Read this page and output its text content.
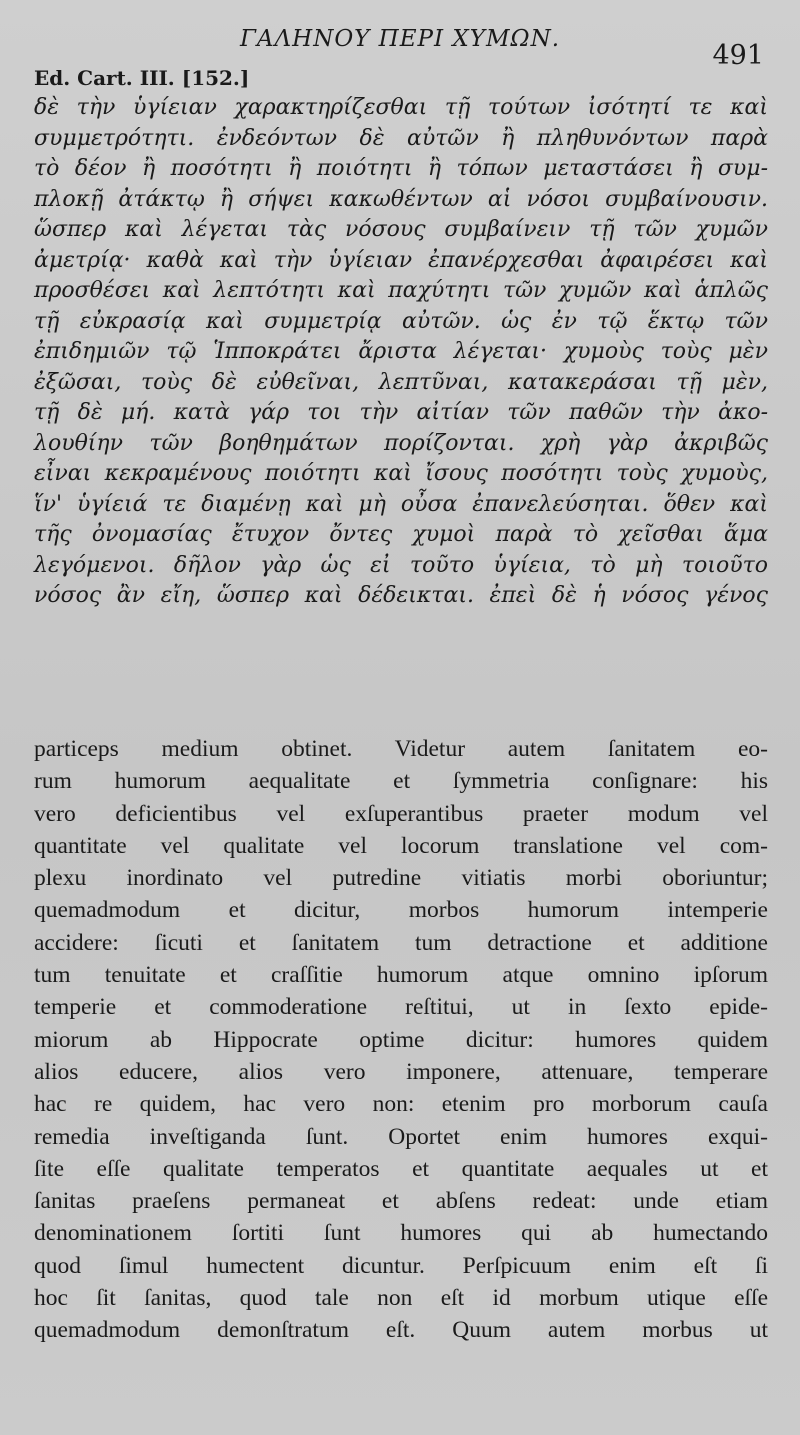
ΓΑΛΗΝΟΥ ΠΕΡΙ ΧΥΜΩΝ.
491
Ed. Cart. III. [152.]
δὲ τὴν ὑγίειαν χαρακτηρίζεσθαι τῇ τούτων ἰσότητί τε καὶ
συμμετρότητι. ἐνδεόντων δὲ αὐτῶν ἢ πληθυνόντων παρὰ
τὸ δέον ἢ ποσότητι ἢ ποιότητι ἢ τόπων μεταστάσει ἢ συμ-
πλοκῇ ἀτάκτῳ ἢ σήψει κακωθέντων αἱ νόσοι συμβαίνουσιν.
ὥσπερ καὶ λέγεται τὰς νόσους συμβαίνειν τῇ τῶν χυμῶν
ἀμετρίᾳ· καθὰ καὶ τὴν ὑγίειαν ἐπανέρχεσθαι ἀφαιρέσει καὶ
προσθέσει καὶ λεπτότητι καὶ παχύτητι τῶν χυμῶν καὶ ἁπλῶς
τῇ εὐκρασίᾳ καὶ συμμετρίᾳ αὐτῶν. ὡς ἐν τῷ ἕκτῳ τῶν
ἐπιδημιῶν τῷ Ἱπποκράτει ἄριστα λέγεται· χυμοὺς τοὺς μὲν
ἐξῶσαι, τοὺς δὲ εὐθεῖναι, λεπτῦναι, κατακεράσαι τῇ μὲν,
τῇ δὲ μή. κατὰ γάρ τοι τὴν αἰτίαν τῶν παθῶν τὴν ἀκο-
λουθίην τῶν βοηθημάτων πορίζονται. χρὴ γὰρ ἀκριβῶς
εἶναι κεκραμένους ποιότητι καὶ ἴσους ποσότητι τοὺς χυμοὺς,
ἵν' ὑγίειά τε διαμένῃ καὶ μὴ οὖσα ἐπανελεύσηται. ὅθεν καὶ
τῆς ὀνομασίας ἔτυχον ὄντες χυμοὶ παρὰ τὸ χεῖσθαι ἅμα
λεγόμενοι. δῆλον γὰρ ὡς εἰ τοῦτο ὑγίεια, τὸ μὴ τοιοῦτο
νόσος ἂν εἴη, ὥσπερ καὶ δέδεικται. ἐπεὶ δὲ ἡ νόσος γένος
particeps medium obtinet. Videtur autem ſanitatem eo-
rum humorum aequalitate et ſymmetria conſignare: his
vero deficientibus vel exſuperantibus praeter modum vel
quantitate vel qualitate vel locorum translatione vel com-
plexu inordinato vel putredine vitiatis morbi oboriuntur;
quemadmodum et dicitur, morbos humorum intemperie
accidere: ſicuti et ſanitatem tum detractione et additione
tum tenuitate et craſſitie humorum atque omnino ipſorum
temperie et commoderatione reſtitui, ut in ſexto epide-
miorum ab Hippocrate optime dicitur: humores quidem
alios educere, alios vero imponere, attenuare, temperare
hac re quidem, hac vero non: etenim pro morborum cauſa
remedia inveſtiganda ſunt. Oportet enim humores exqui-
ſite eſſe qualitate temperatos et quantitate aequales ut et
ſanitas praeſens permaneat et abſens redeat: unde etiam
denominationem ſortiti ſunt humores qui ab humectando
quod ſimul humectent dicuntur. Perſpicuum enim eſt ſi
hoc ſit ſanitas, quod tale non eſt id morbum utique eſſe
quemadmodum demonſtratum eſt. Quum autem morbus ut
